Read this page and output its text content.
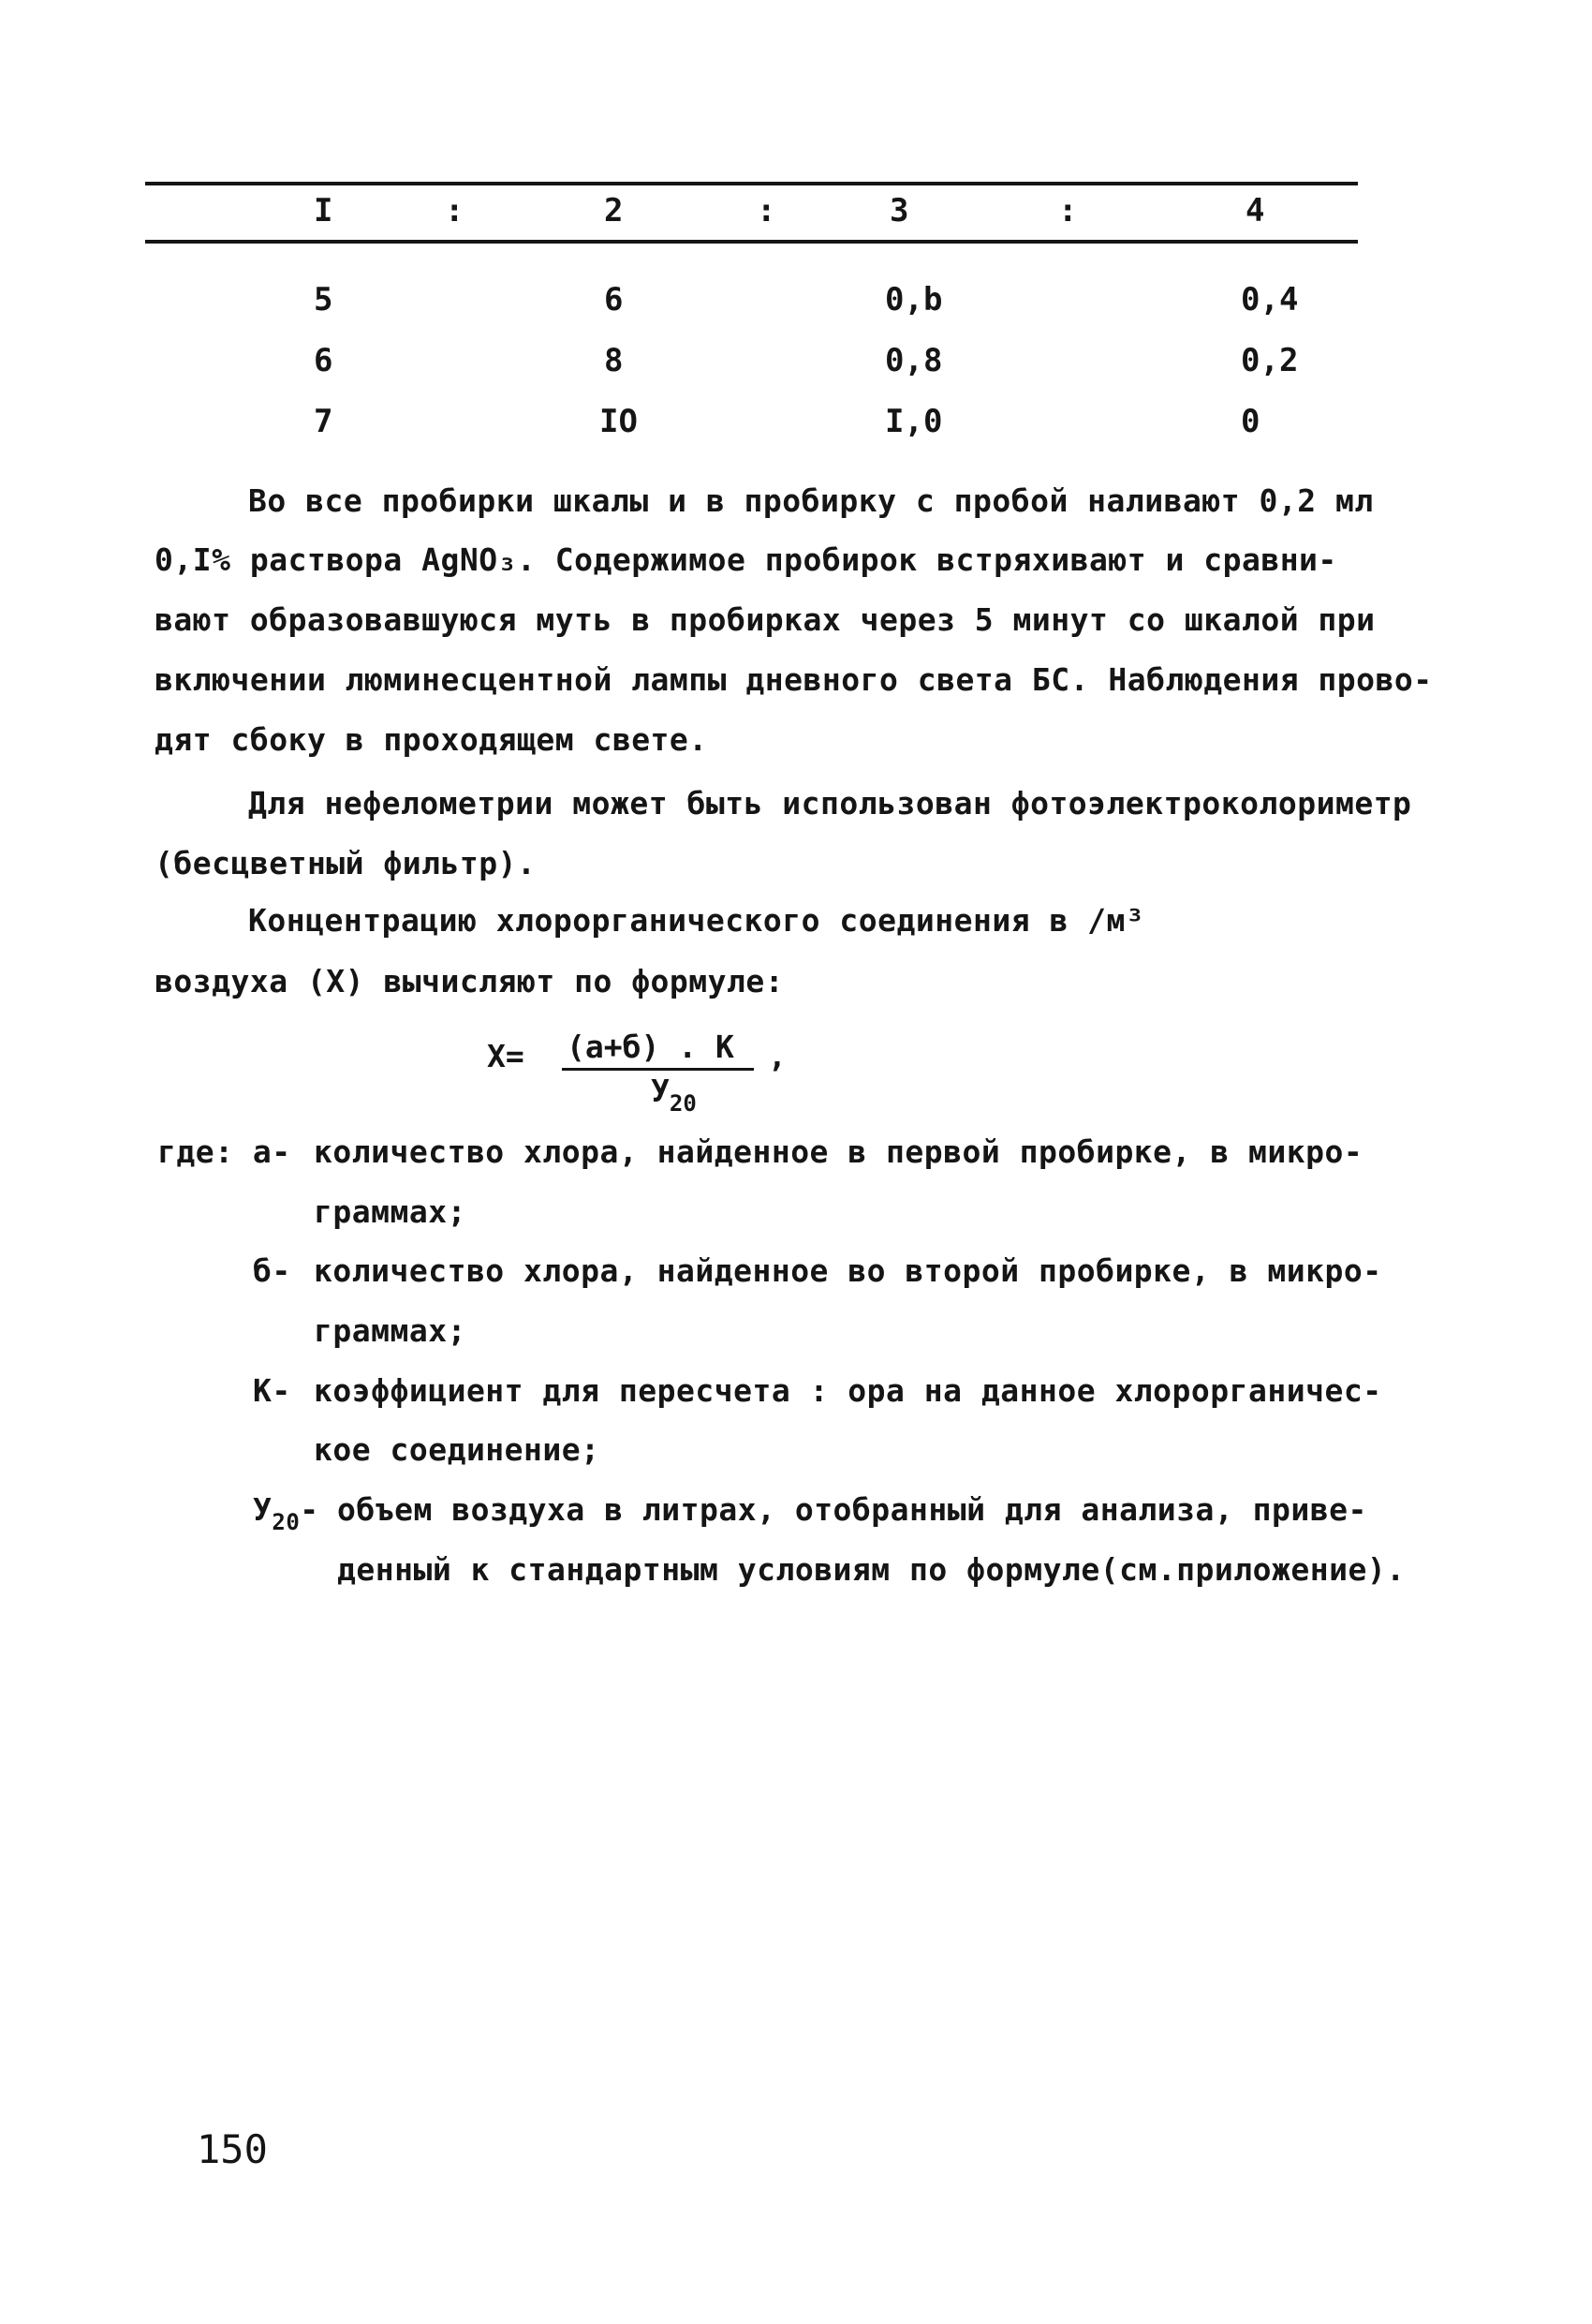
I	:	2	:	3	:	4
5	6	0,b	0,4
6	8	0,8	0,2
7	IO	I,0	0
Во все пробирки шкалы и в пробирку с пробой наливают 0,2 мл
0,I% раствора AgNO₃. Содержимое пробирок встряхивают и сравни-
вают образовавшуюся муть в пробирках через 5 минут со шкалой при
включении люминесцентной лампы дневного света БС. Наблюдения прово-
дят сбоку в проходящем свете.
Для нефелометрии может быть использован фотоэлектроколориметр
(бесцветный фильтр).
Концентрацию хлорорганического соединения в /м³
воздуха (Х) вычисляют по формуле:
Х= (а+б) . К ,
$У_{20}$
где: а- количество хлора, найденное в первой пробирке, в микро-
граммах;
б- количество хлора, найденное во второй пробирке, в микро-
граммах;
К- коэффициент для пересчета : ора на данное хлорорганичес-
кое соединение;
$У_{20}-$ объем воздуха в литрах, отобранный для анализа, приве-
денный к стандартным условиям по формуле(см.приложение).
150
